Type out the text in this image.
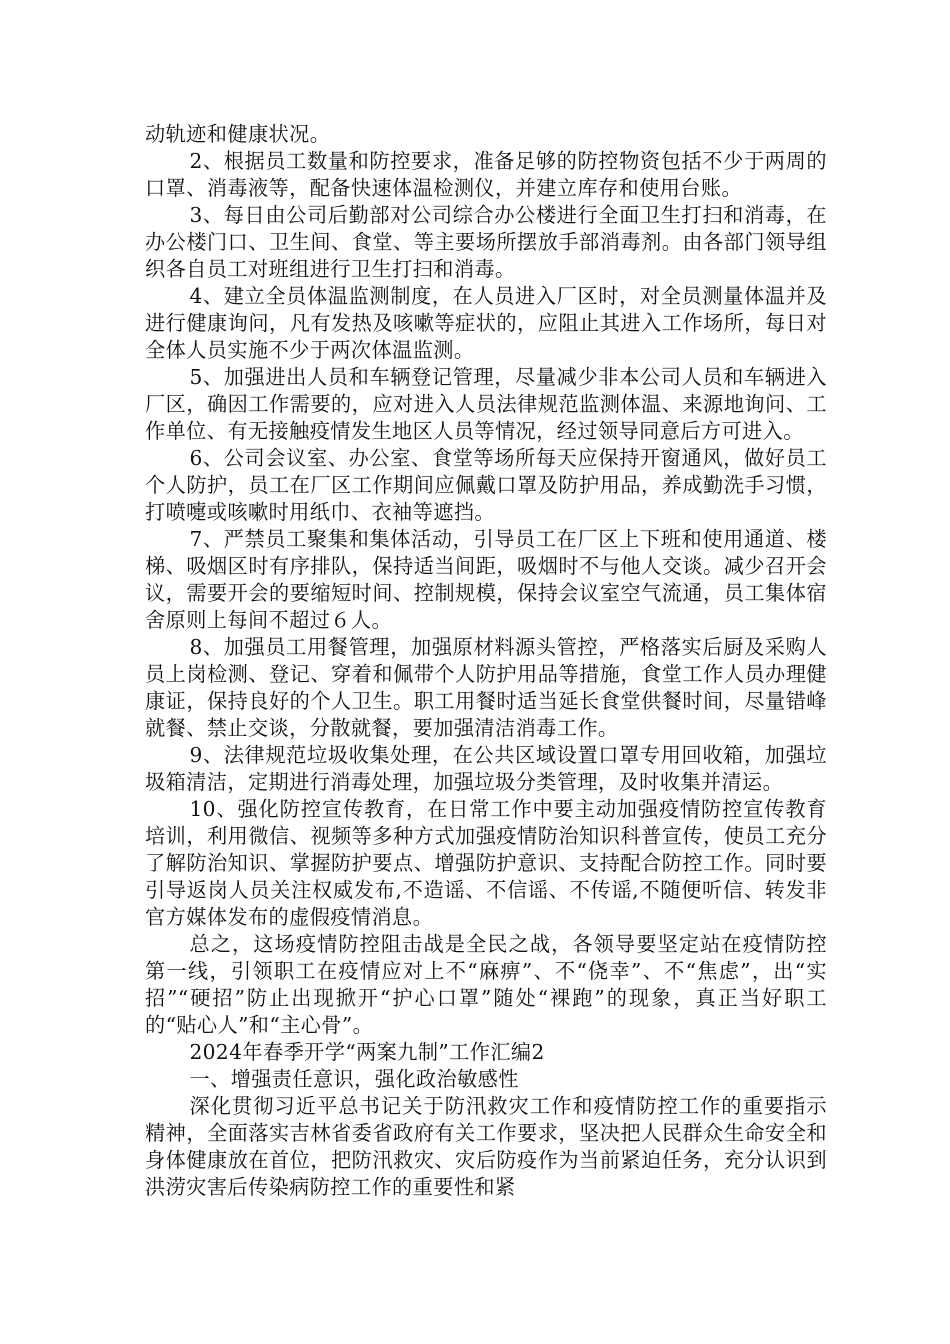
动轨迹和健康状况。

2、根据员工数量和防控要求，准备足够的防控物资包括不少于两周的口罩、消毒液等，配备快速体温检测仪，并建立库存和使用台账。

3、每日由公司后勤部对公司综合办公楼进行全面卫生打扫和消毒，在办公楼门口、卫生间、食堂、等主要场所摆放手部消毒剂。由各部门领导组织各自员工对班组进行卫生打扫和消毒。

4、建立全员体温监测制度，在人员进入厂区时，对全员测量体温并及进行健康询问，凡有发热及咳嗽等症状的，应阻止其进入工作场所，每日对全体人员实施不少于两次体温监测。

5、加强进出人员和车辆登记管理，尽量减少非本公司人员和车辆进入厂区，确因工作需要的，应对进入人员法律规范监测体温、来源地询问、工作单位、有无接触疫情发生地区人员等情况，经过领导同意后方可进入。

6、公司会议室、办公室、食堂等场所每天应保持开窗通风，做好员工个人防护，员工在厂区工作期间应佩戴口罩及防护用品，养成勤洗手习惯，打喷嚏或咳嗽时用纸巾、衣袖等遮挡。

7、严禁员工聚集和集体活动，引导员工在厂区上下班和使用通道、楼梯、吸烟区时有序排队，保持适当间距，吸烟时不与他人交谈。减少召开会议，需要开会的要缩短时间、控制规模，保持会议室空气流通，员工集体宿舍原则上每间不超过６人。

8、加强员工用餐管理，加强原材料源头管控，严格落实后厨及采购人员上岗检测、登记、穿着和佩带个人防护用品等措施，食堂工作人员办理健康证，保持良好的个人卫生。职工用餐时适当延长食堂供餐时间，尽量错峰就餐、禁止交谈，分散就餐，要加强清洁消毒工作。

9、法律规范垃圾收集处理，在公共区域设置口罩专用回收箱，加强垃圾箱清洁，定期进行消毒处理，加强垃圾分类管理，及时收集并清运。

10、强化防控宣传教育，在日常工作中要主动加强疫情防控宣传教育培训，利用微信、视频等多种方式加强疫情防治知识科普宣传，使员工充分了解防治知识、掌握防护要点、增强防护意识、支持配合防控工作。同时要引导返岗人员关注权威发布,不造谣、不信谣、不传谣,不随便听信、转发非官方媒体发布的虚假疫情消息。

总之，这场疫情防控阻击战是全民之战，各领导要坚定站在疫情防控第一线，引领职工在疫情应对上不“麻痹”、不“侥幸”、不“焦虑”，出“实招”“硬招”防止出现掀开“护心口罩”随处“裸跑”的现象，真正当好职工的“贴心人”和“主心骨”。

2024年春季开学“两案九制”工作汇编2

一、增强责任意识，强化政治敏感性

深化贯彻习近平总书记关于防汛救灾工作和疫情防控工作的重要指示精神，全面落实吉林省委省政府有关工作要求，坚决把人民群众生命安全和身体健康放在首位，把防汛救灾、灾后防疫作为当前紧迫任务，充分认识到洪涝灾害后传染病防控工作的重要性和紧
